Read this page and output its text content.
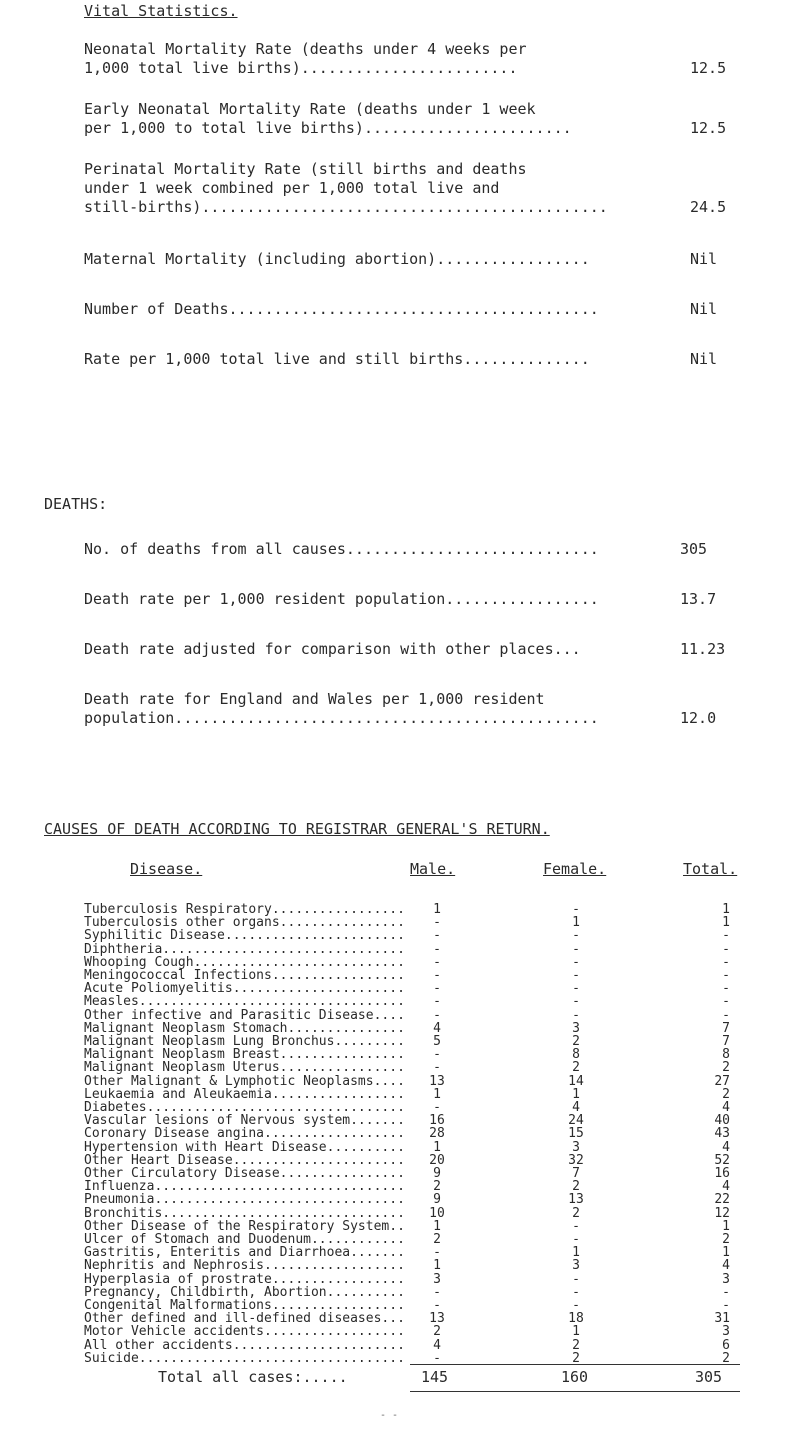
Vital Statistics.
Neonatal Mortality Rate (deaths under 4 weeks per
1,000 total live births)........................	12.5
Early Neonatal Mortality Rate (deaths under 1 week
per 1,000 to total live births).......................	12.5
Perinatal Mortality Rate (still births and deaths
under 1 week combined per 1,000 total live and
still-births).............................................	24.5
Maternal Mortality (including abortion).................	Nil
Number of Deaths.........................................	Nil
Rate per 1,000 total live and still births..............	Nil
DEATHS:
No. of deaths from all causes............................	305
Death rate per 1,000 resident population.................	13.7
Death rate adjusted for comparison with other places...	11.23
Death rate for England and Wales per 1,000 resident
population...............................................	12.0
CAUSES OF DEATH ACCORDING TO REGISTRAR GENERAL'S RETURN.
Disease.	Male.	Female.	Total.
Tuberculosis Respiratory.................	1	-	1
Tuberculosis other organs................	-	1	1
Syphilitic Disease.......................	-	-	-
Diphtheria...............................	-	-	-
Whooping Cough...........................	-	-	-
Meningococcal Infections.................	-	-	-
Acute Poliomyelitis......................	-	-	-
Measles..................................	-	-	-
Other infective and Parasitic Disease....	-	-	-
Malignant Neoplasm Stomach...............	4	3	7
Malignant Neoplasm Lung Bronchus.........	5	2	7
Malignant Neoplasm Breast................	-	8	8
Malignant Neoplasm Uterus................	-	2	2
Other Malignant & Lymphotic Neoplasms....	13	14	27
Leukaemia and Aleukaemia.................	1	1	2
Diabetes.................................	-	4	4
Vascular lesions of Nervous system.......	16	24	40
Coronary Disease angina..................	28	15	43
Hypertension with Heart Disease..........	1	3	4
Other Heart Disease......................	20	32	52
Other Circulatory Disease................	9	7	16
Influenza................................	2	2	4
Pneumonia................................	9	13	22
Bronchitis...............................	10	2	12
Other Disease of the Respiratory System..	1	-	1
Ulcer of Stomach and Duodenum............	2	-	2
Gastritis, Enteritis and Diarrhoea.......	-	1	1
Nephritis and Nephrosis..................	1	3	4
Hyperplasia of prostrate.................	3	-	3
Pregnancy, Childbirth, Abortion..........	-	-	-
Congenital Malformations.................	-	-	-
Other defined and ill-defined diseases...	13	18	31
Motor Vehicle accidents..................	2	1	3
All other accidents......................	4	2	6
Suicide..................................	-	2	2
Total all cases:.....	145	160	305
- -
